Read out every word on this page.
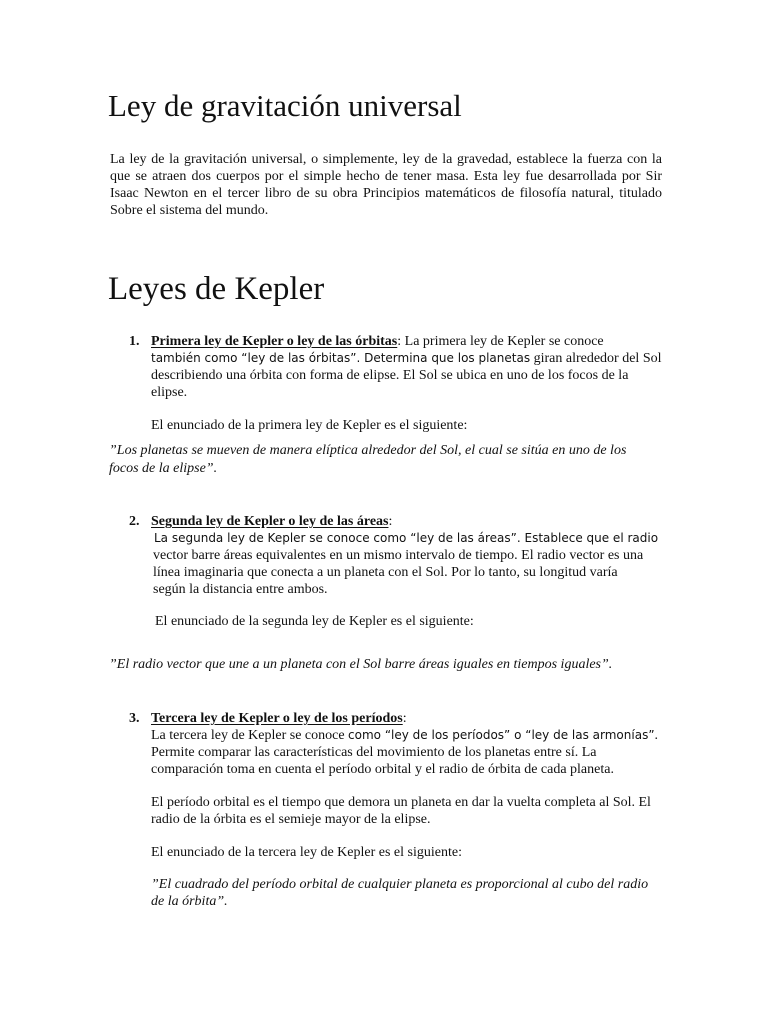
Ley de gravitación universal
La ley de la gravitación universal, o simplemente, ley de la gravedad, establece la fuerza con la que se atraen dos cuerpos por el simple hecho de tener masa. Esta ley fue desarrollada por Sir Isaac Newton en el tercer libro de su obra Principios matemáticos de filosofía natural, titulado Sobre el sistema del mundo.
Leyes de Kepler
1. Primera ley de Kepler o ley de las órbitas: La primera ley de Kepler se conoce
también como “ley de las órbitas”. Determina que los planetas giran alrededor del Sol
describiendo una órbita con forma de elipse. El Sol se ubica en uno de los focos de la
elipse.
El enunciado de la primera ley de Kepler es el siguiente:
”Los planetas se mueven de manera elíptica alrededor del Sol, el cual se sitúa en uno de los
focos de la elipse”.
2. Segunda ley de Kepler o ley de las áreas:
La segunda ley de Kepler se conoce como “ley de las áreas”. Establece que el radio
vector barre áreas equivalentes en un mismo intervalo de tiempo. El radio vector es una
línea imaginaria que conecta a un planeta con el Sol. Por lo tanto, su longitud varía
según la distancia entre ambos.
El enunciado de la segunda ley de Kepler es el siguiente:
”El radio vector que une a un planeta con el Sol barre áreas iguales en tiempos iguales”.
3. Tercera ley de Kepler o ley de los períodos:
La tercera ley de Kepler se conoce como “ley de los períodos” o “ley de las armonías”.
Permite comparar las características del movimiento de los planetas entre sí. La
comparación toma en cuenta el período orbital y el radio de órbita de cada planeta.
El período orbital es el tiempo que demora un planeta en dar la vuelta completa al Sol. El
radio de la órbita es el semieje mayor de la elipse.
El enunciado de la tercera ley de Kepler es el siguiente:
”El cuadrado del período orbital de cualquier planeta es proporcional al cubo del radio
de la órbita”.
